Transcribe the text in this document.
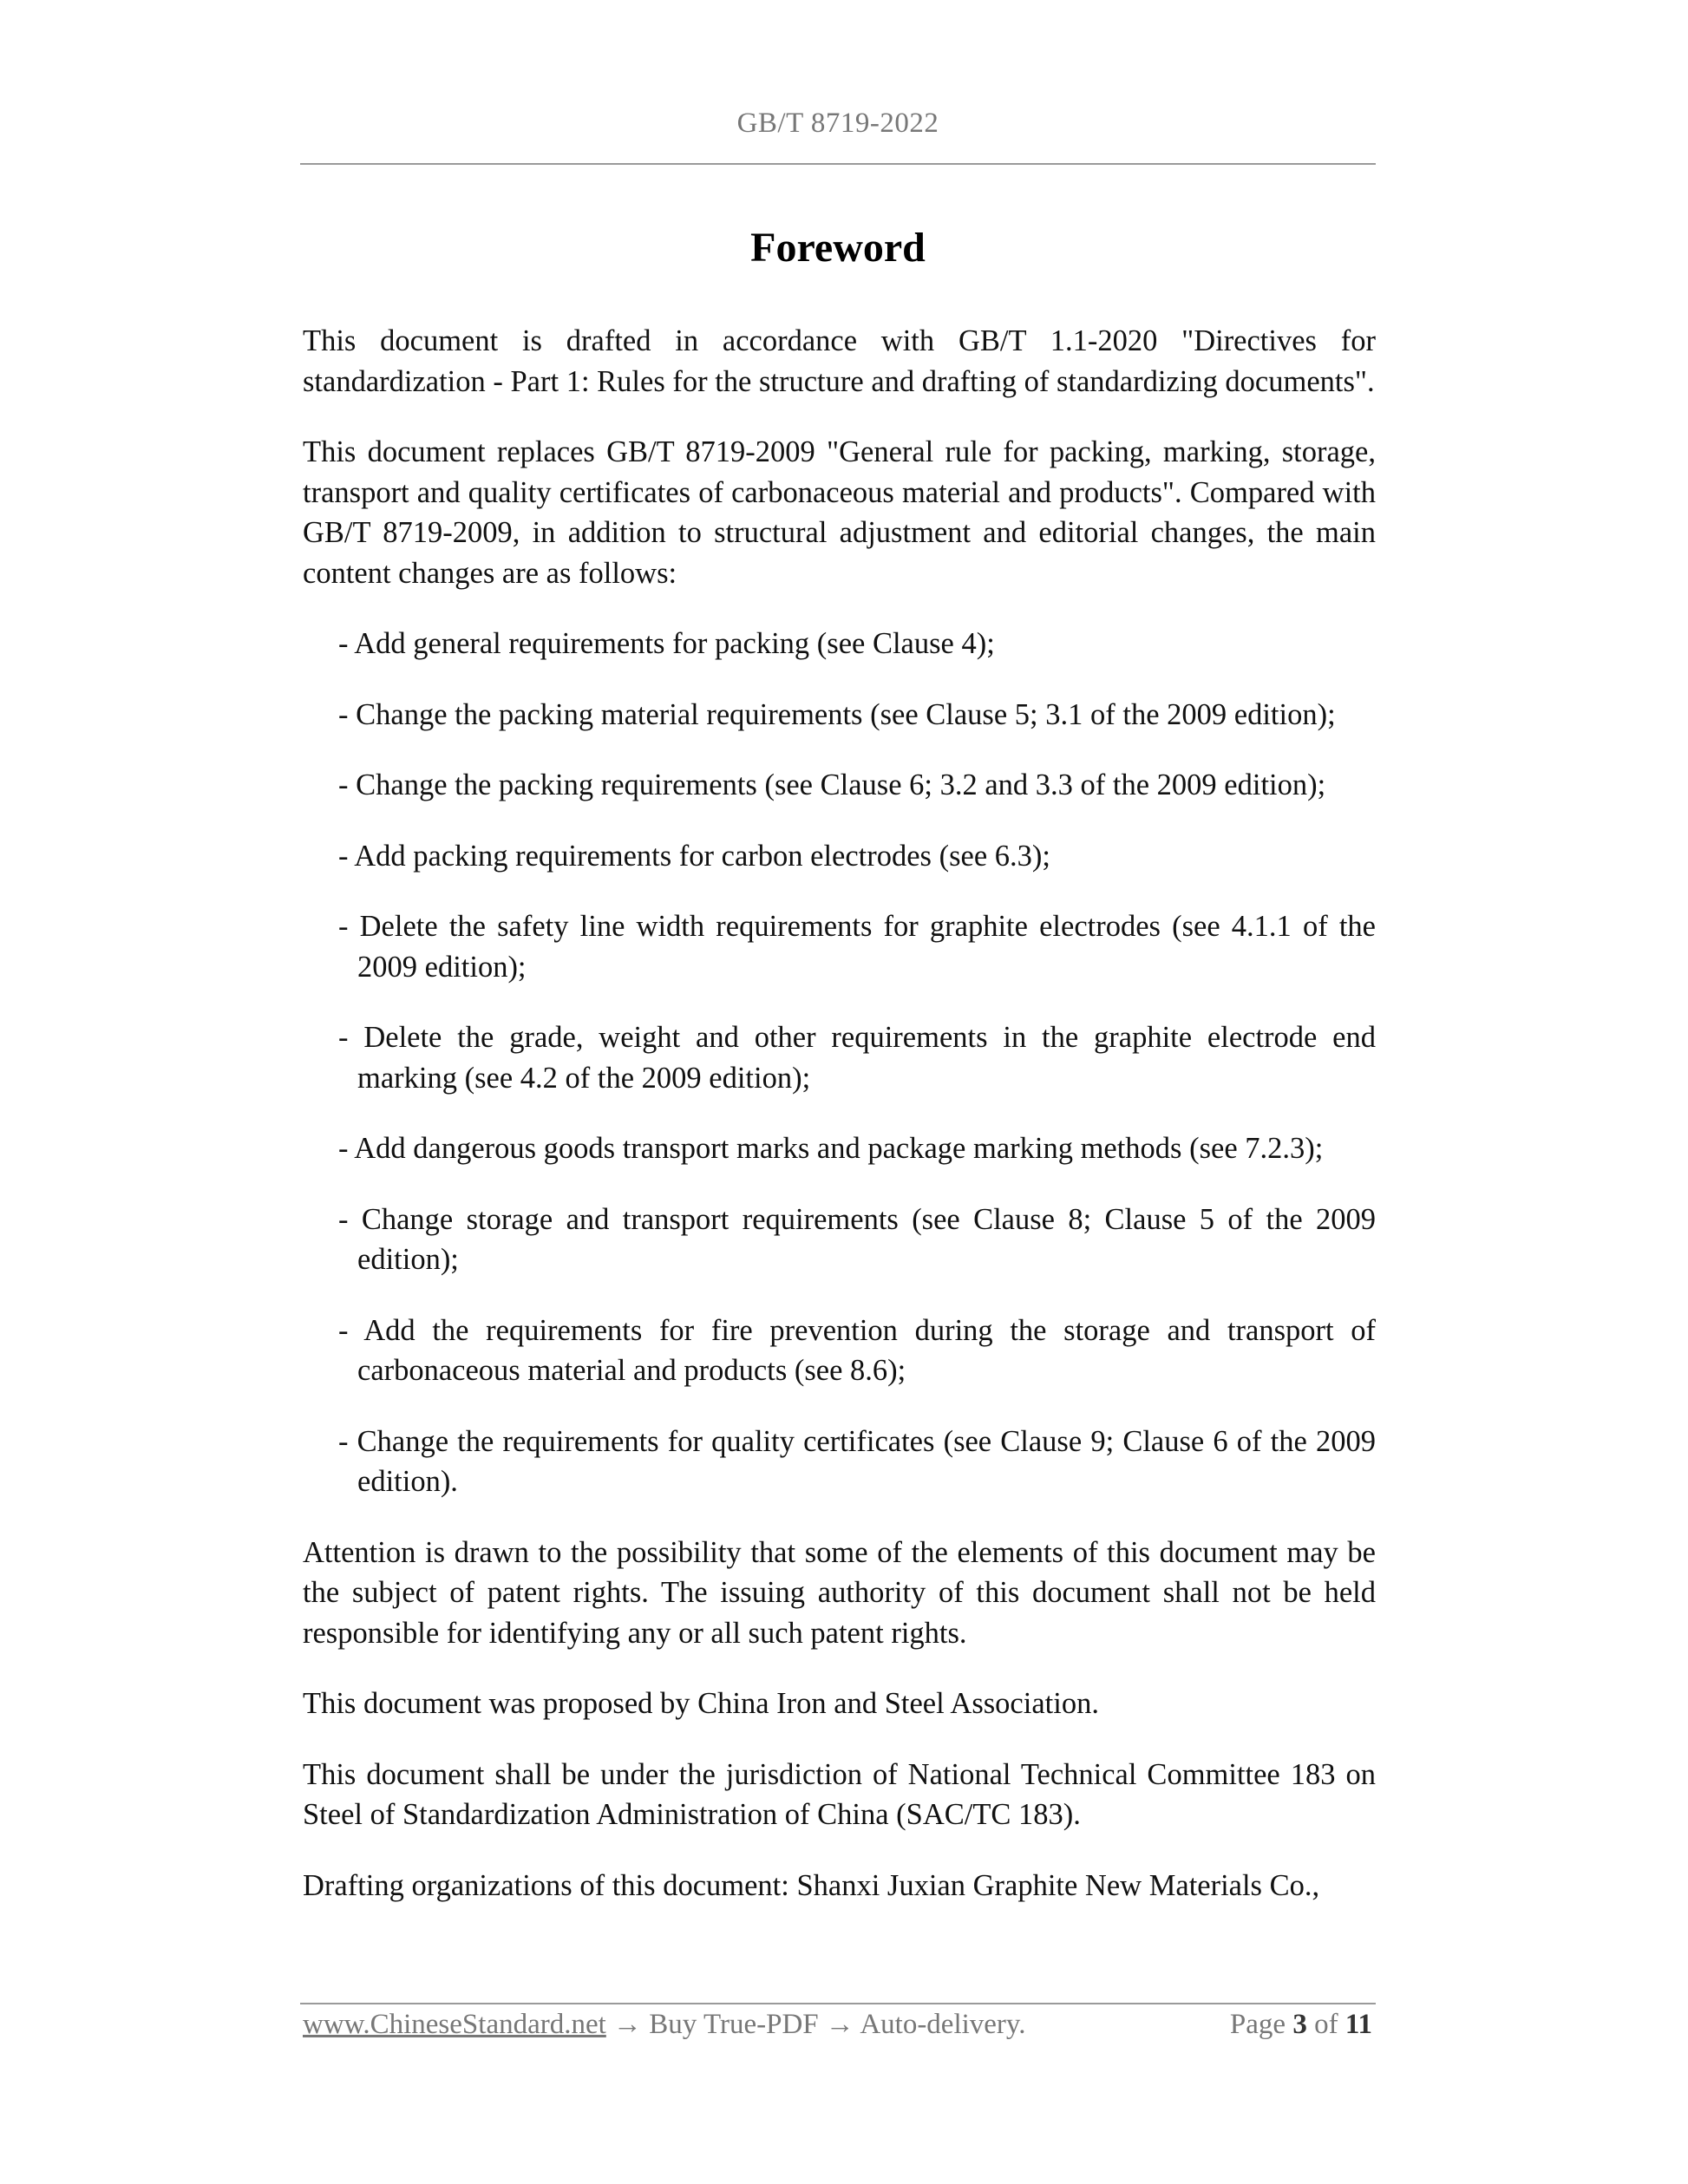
GB/T 8719-2022
Foreword

This document is drafted in accordance with GB/T 1.1-2020 "Directives for standardization - Part 1: Rules for the structure and drafting of standardizing documents".

This document replaces GB/T 8719-2009 "General rule for packing, marking, storage, transport and quality certificates of carbonaceous material and products". Compared with GB/T 8719-2009, in addition to structural adjustment and editorial changes, the main content changes are as follows:

- Add general requirements for packing (see Clause 4);

- Change the packing material requirements (see Clause 5; 3.1 of the 2009 edition);

- Change the packing requirements (see Clause 6; 3.2 and 3.3 of the 2009 edition);

- Add packing requirements for carbon electrodes (see 6.3);

- Delete the safety line width requirements for graphite electrodes (see 4.1.1 of the 2009 edition);

- Delete the grade, weight and other requirements in the graphite electrode end marking (see 4.2 of the 2009 edition);

- Add dangerous goods transport marks and package marking methods (see 7.2.3);

- Change storage and transport requirements (see Clause 8; Clause 5 of the 2009 edition);

- Add the requirements for fire prevention during the storage and transport of carbonaceous material and products (see 8.6);

- Change the requirements for quality certificates (see Clause 9; Clause 6 of the 2009 edition).

Attention is drawn to the possibility that some of the elements of this document may be the subject of patent rights. The issuing authority of this document shall not be held responsible for identifying any or all such patent rights.

This document was proposed by China Iron and Steel Association.

This document shall be under the jurisdiction of National Technical Committee 183 on Steel of Standardization Administration of China (SAC/TC 183).

Drafting organizations of this document: Shanxi Juxian Graphite New Materials Co.,

www.ChineseStandard.net → Buy True-PDF → Auto-delivery.	Page 3 of 11
